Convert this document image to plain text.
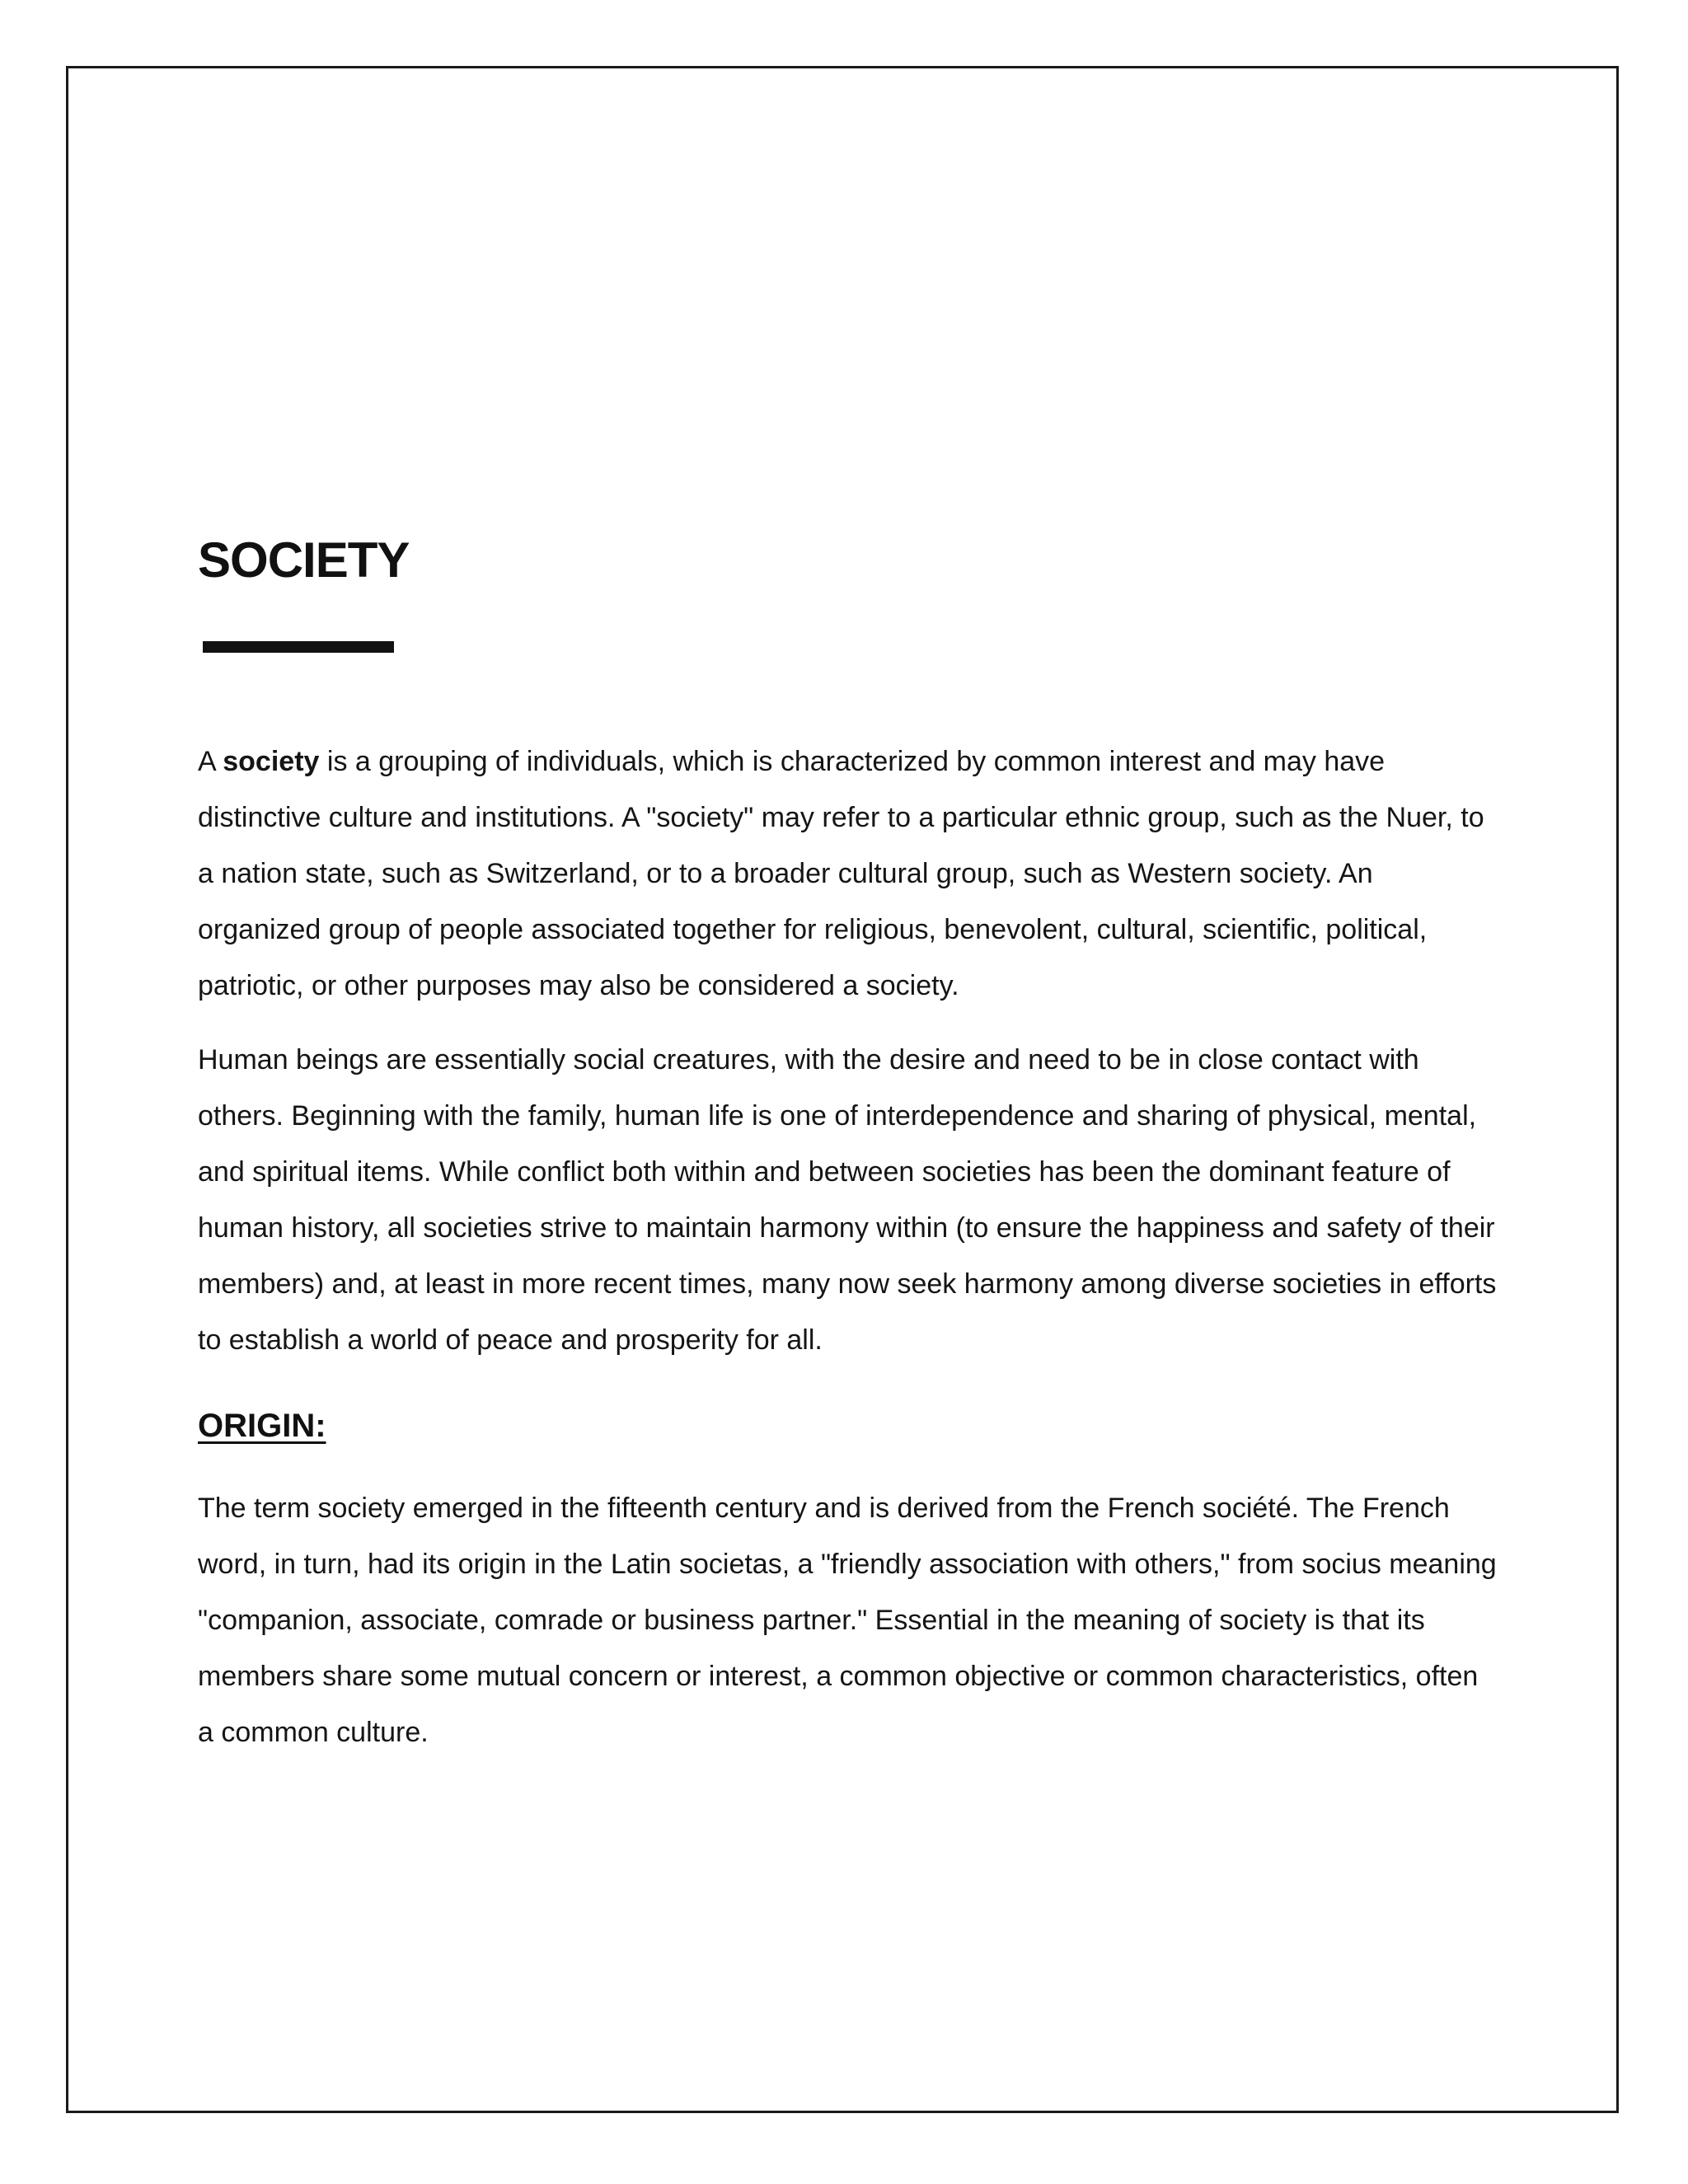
SOCIETY

A society is a grouping of individuals, which is characterized by common interest and may have distinctive culture and institutions. A "society" may refer to a particular ethnic group, such as the Nuer, to a nation state, such as Switzerland, or to a broader cultural group, such as Western society. An organized group of people associated together for religious, benevolent, cultural, scientific, political, patriotic, or other purposes may also be considered a society.

Human beings are essentially social creatures, with the desire and need to be in close contact with others. Beginning with the family, human life is one of interdependence and sharing of physical, mental, and spiritual items. While conflict both within and between societies has been the dominant feature of human history, all societies strive to maintain harmony within (to ensure the happiness and safety of their members) and, at least in more recent times, many now seek harmony among diverse societies in efforts to establish a world of peace and prosperity for all.

ORIGIN:

The term society emerged in the fifteenth century and is derived from the French société. The French word, in turn, had its origin in the Latin societas, a "friendly association with others," from socius meaning "companion, associate, comrade or business partner." Essential in the meaning of society is that its members share some mutual concern or interest, a common objective or common characteristics, often a common culture.
